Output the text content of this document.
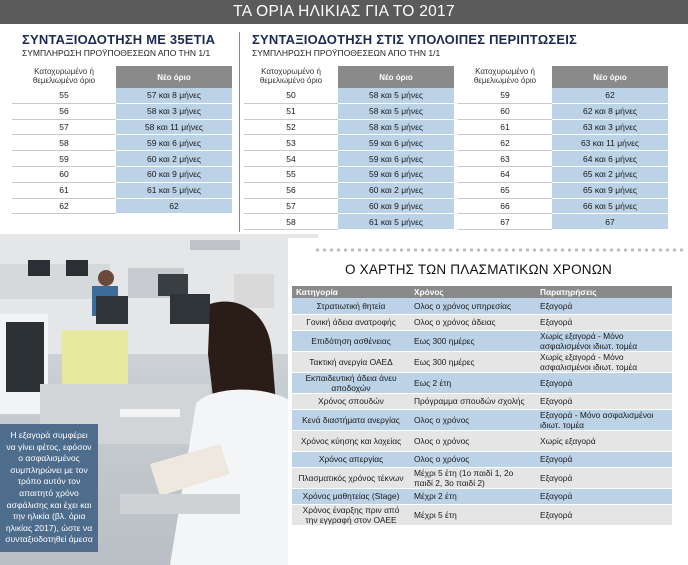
ΤΑ ΟΡΙΑ ΗΛΙΚΙΑΣ ΓΙΑ ΤΟ 2017
ΣΥΝΤΑΞΙΟΔΟΤΗΣΗ ΜΕ 35ΕΤΙΑ
ΣΥΜΠΛΗΡΩΣΗ ΠΡΟΫΠΟΘΕΣΕΩΝ ΑΠΟ ΤΗΝ 1/1
Κατοχυρωμένο ή θεμελιωμένο όριο	Νέο όριο
55	57 και 8 μήνες
56	58 και 3 μήνες
57	58 και 11 μήνες
58	59 και 6 μήνες
59	60 και 2 μήνες
60	60 και 9 μήνες
61	61 και 5 μήνες
62	62
ΣΥΝΤΑΞΙΟΔΟΤΗΣΗ ΣΤΙΣ ΥΠΟΛΟΙΠΕΣ ΠΕΡΙΠΤΩΣΕΙΣ
ΣΥΜΠΛΗΡΩΣΗ ΠΡΟΫΠΟΘΕΣΕΩΝ ΑΠΟ ΤΗΝ 1/1
Κατοχυρωμένο ή θεμελιωμένο όριο	Νέο όριο
50	58 και 5 μήνες
51	58 και 5 μήνες
52	58 και 5 μήνες
53	59 και 6 μήνες
54	59 και 6 μήνες
55	59 και 6 μήνες
56	60 και 2 μήνες
57	60 και 9 μήνες
58	61 και 5 μήνες
Κατοχυρωμένο ή θεμελιωμένο όριο	Νέο όριο
59	62
60	62 και 8 μήνες
61	63 και 3 μήνες
62	63 και 11 μήνες
63	64 και 6 μήνες
64	65 και 2 μήνες
65	65 και 9 μήνες
66	66 και 5 μήνες
67	67
Η εξαγορά συμφέρει να γίνει φέτος, εφόσον ο ασφαλισμένος συμπληρώνει με τον τρόπο αυτόν τον απαιτητό χρόνο ασφάλισης και έχει και την ηλικία (βλ. όρια ηλικίας 2017), ώστε να συνταξιοδοτηθεί άμεσα
Ο ΧΑΡΤΗΣ ΤΩΝ ΠΛΑΣΜΑΤΙΚΩΝ ΧΡΟΝΩΝ
Κατηγορία	Χρόνος	Παρατηρήσεις
Στρατιωτική θητεία	Ολος ο χρόνος υπηρεσίας	Εξαγορά
Γονική άδεια ανατροφής	Ολος ο χρόνος άδειας	Εξαγορά
Επιδότηση ασθένειας	Εως 300 ημέρες	Χωρίς εξαγορά - Μόνο ασφαλισμένοι ιδιωτ. τομέα
Τακτική ανεργία ΟΑΕΔ	Εως 300 ημέρες	Χωρίς εξαγορά - Μόνο ασφαλισμένοι ιδιωτ. τομέα
Εκπαιδευτική άδεια άνευ αποδοχών	Εως 2 έτη	Εξαγορά
Χρόνος σπουδών	Πρόγραμμα σπουδών σχολής	Εξαγορά
Κενά διαστήματα ανεργίας	Ολος ο χρόνος	Εξαγορά - Μόνο ασφαλισμένοι ιδιωτ. τομέα
Χρόνος κύησης και λοχείας	Ολος ο χρόνος	Χωρίς εξαγορά
Χρόνος απεργίας	Ολος ο χρόνος	Εξαγορά
Πλασματικός χρόνος τέκνων	Μέχρι 5 έτη (1ο παιδί 1, 2ο παιδί 2, 3ο παιδί 2)	Εξαγορά
Χρόνος μαθητείας (Stage)	Μέχρι 2 έτη	Εξαγορά
Χρόνος έναρξης πριν από την εγγραφή στον ΟΑΕΕ	Μέχρι 5 έτη	Εξαγορά
